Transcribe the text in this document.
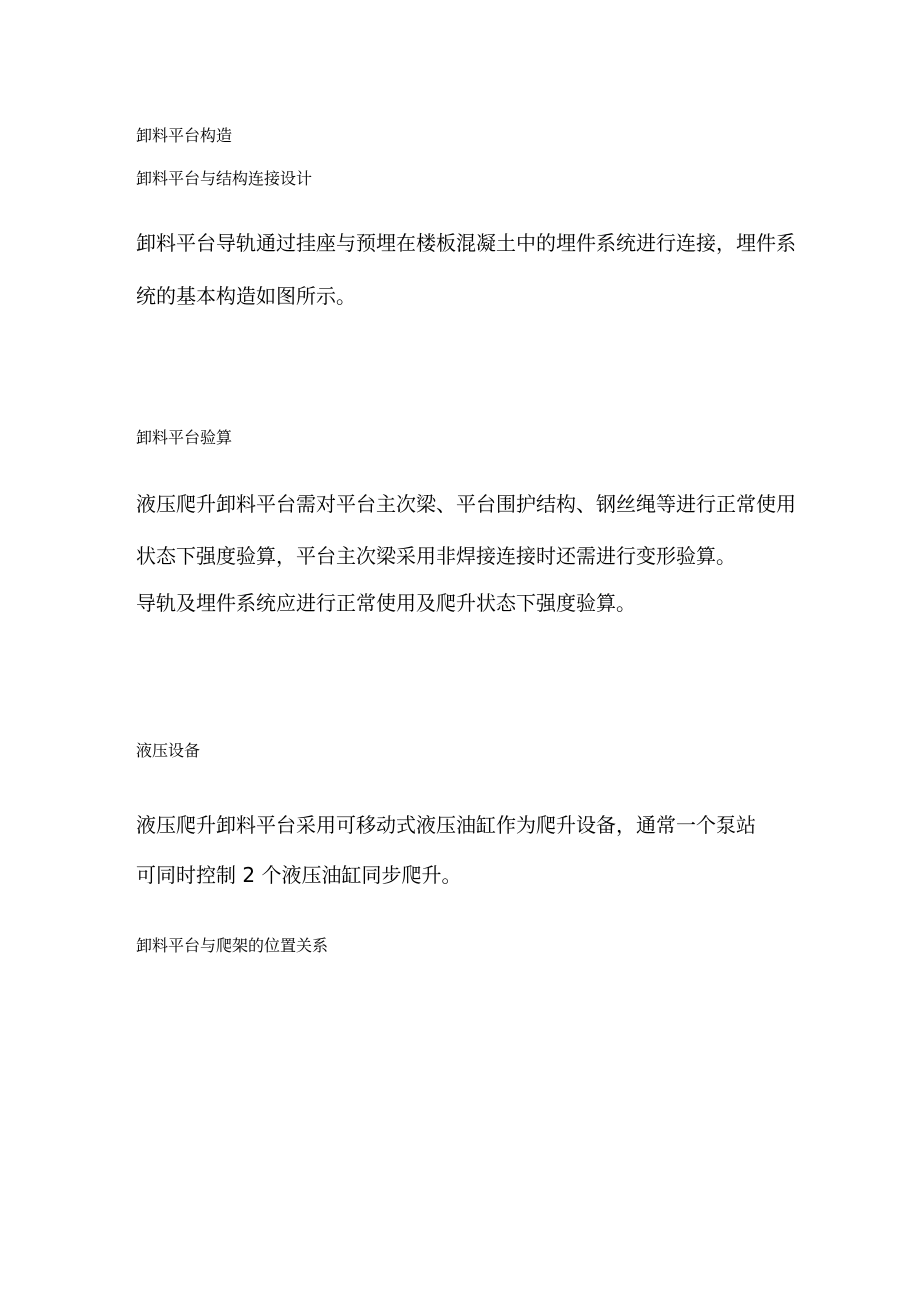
卸料平台构造
卸料平台与结构连接设计
卸料平台导轨通过挂座与预埋在楼板混凝土中的埋件系统进行连接，埋件系
统的基本构造如图所示。
卸料平台验算
液压爬升卸料平台需对平台主次梁、平台围护结构、钢丝绳等进行正常使用
状态下强度验算，平台主次梁采用非焊接连接时还需进行变形验算。
导轨及埋件系统应进行正常使用及爬升状态下强度验算。
液压设备
液压爬升卸料平台采用可移动式液压油缸作为爬升设备，通常一个泵站
可同时控制 2 个液压油缸同步爬升。
卸料平台与爬架的位置关系
